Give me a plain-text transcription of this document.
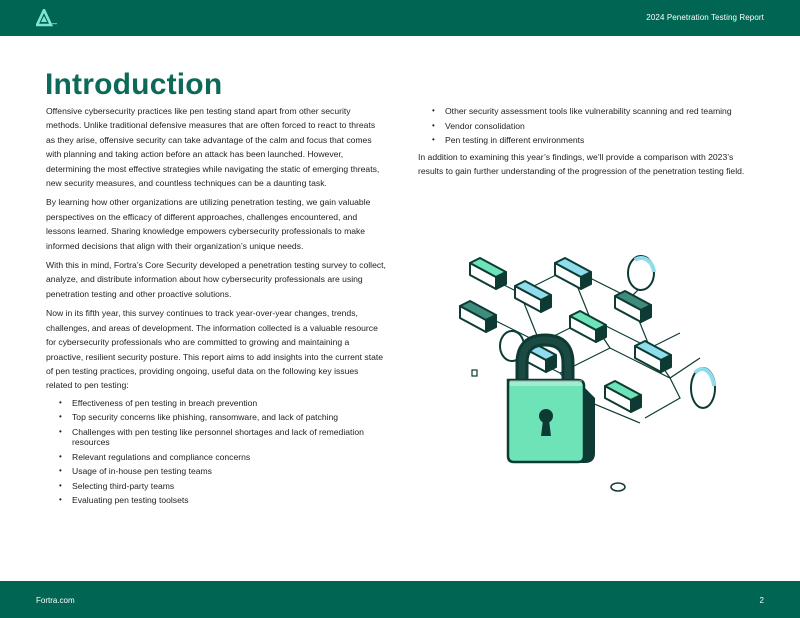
2024 Penetration Testing Report
Introduction

Offensive cybersecurity practices like pen testing stand apart from other security methods. Unlike traditional defensive measures that are often forced to react to threats as they arise, offensive security can take advantage of the calm and focus that comes with planning and taking action before an attack has been launched. However, determining the most effective strategies while navigating the static of emerging threats, new security measures, and countless techniques can be a daunting task.

By learning how other organizations are utilizing penetration testing, we gain valuable perspectives on the efficacy of different approaches, challenges encountered, and lessons learned. Sharing knowledge empowers cybersecurity professionals to make informed decisions that align with their organization’s unique needs.

With this in mind, Fortra’s Core Security developed a penetration testing survey to collect, analyze, and distribute information about how cybersecurity professionals are using penetration testing and other proactive solutions.

Now in its fifth year, this survey continues to track year-over-year changes, trends, challenges, and areas of development. The information collected is a valuable resource for cybersecurity professionals who are committed to growing and maintaining a proactive, resilient security posture. This report aims to add insights into the current state of pen testing practices, providing ongoing, useful data on the following key issues related to pen testing:

• Effectiveness of pen testing in breach prevention
• Top security concerns like phishing, ransomware, and lack of patching
• Challenges with pen testing like personnel shortages and lack of remediation resources
• Relevant regulations and compliance concerns
• Usage of in-house pen testing teams
• Selecting third-party teams
• Evaluating pen testing toolsets
• Other security assessment tools like vulnerability scanning and red teaming
• Vendor consolidation
• Pen testing in different environments

In addition to examining this year’s findings, we’ll provide a comparison with 2023’s results to gain further understanding of the progression of the penetration testing field.

Fortra.com	2
